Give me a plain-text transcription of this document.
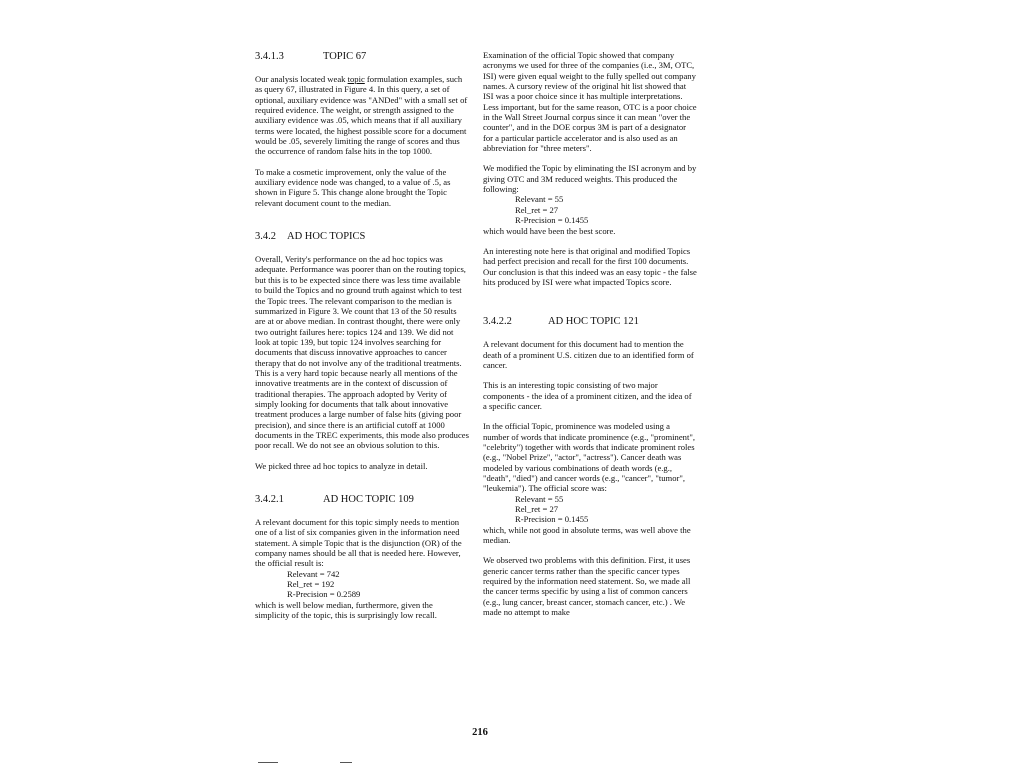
3.4.1.3	TOPIC 67

Our analysis located weak topic formulation examples, such as query 67, illustrated in Figure 4. In this query, a set of optional, auxiliary evidence was "ANDed" with a small set of required evidence. The weight, or strength assigned to the auxiliary evidence was .05, which means that if all auxiliary terms were located, the highest possible score for a document would be .05, severely limiting the range of scores and thus the occurrence of random false hits in the top 1000.

To make a cosmetic improvement, only the value of the auxiliary evidence node was changed, to a value of .5, as shown in Figure 5. This change alone brought the Topic relevant document count to the median.

3.4.2	AD HOC TOPICS

Overall, Verity's performance on the ad hoc topics was adequate. Performance was poorer than on the routing topics, but this is to be expected since there was less time available to build the Topics and no ground truth against which to test the Topic trees. The relevant comparison to the median is summarized in Figure 3. We count that 13 of the 50 results are at or above median. In contrast thought, there were only two outright failures here: topics 124 and 139. We did not look at topic 139, but topic 124 involves searching for documents that discuss innovative approaches to cancer therapy that do not involve any of the traditional treatments. This is a very hard topic because nearly all mentions of the innovative treatments are in the context of discussion of traditional therapies. The approach adopted by Verity of simply looking for documents that talk about innovative treatment produces a large number of false hits (giving poor precision), and since there is an artificial cutoff at 1000 documents in the TREC experiments, this mode also produces poor recall. We do not see an obvious solution to this.

We picked three ad hoc topics to analyze in detail.

3.4.2.1	AD HOC TOPIC 109

A relevant document for this topic simply needs to mention one of a list of six companies given in the information need statement. A simple Topic that is the disjunction (OR) of the company names should be all that is needed here. However, the official result is:

Relevant = 742
Rel_ret = 192
R-Precision = 0.2589

which is well below median, furthermore, given the simplicity of the topic, this is surprisingly low recall.

Examination of the official Topic showed that company acronyms we used for three of the companies (i.e., 3M, OTC, ISI) were given equal weight to the fully spelled out company names. A cursory review of the original hit list showed that ISI was a poor choice since it has multiple interpretations. Less important, but for the same reason, OTC is a poor choice in the Wall Street Journal corpus since it can mean "over the counter", and in the DOE corpus 3M is part of a designator for a particular particle accelerator and is also used as an abbreviation for "three meters".

We modified the Topic by eliminating the ISI acronym and by giving OTC and 3M reduced weights. This produced the following:

Relevant = 55
Rel_ret = 27
R-Precision = 0.1455

which would have been the best score.

An interesting note here is that original and modified Topics had perfect precision and recall for the first 100 documents. Our conclusion is that this indeed was an easy topic - the false hits produced by ISI were what impacted Topics score.

3.4.2.2	AD HOC TOPIC 121

A relevant document for this document had to mention the death of a prominent U.S. citizen due to an identified form of cancer.

This is an interesting topic consisting of two major components - the idea of a prominent citizen, and the idea of a specific cancer.

In the official Topic, prominence was modeled using a number of words that indicate prominence (e.g., "prominent", "celebrity") together with words that indicate prominent roles (e.g., "Nobel Prize", "actor", "actress"). Cancer death was modeled by various combinations of death words (e.g., "death", "died") and cancer words (e.g., "cancer", "tumor", "leukemia"). The official score was:

Relevant = 55
Rel_ret = 27
R-Precision = 0.1455

which, while not good in absolute terms, was well above the median.

We observed two problems with this definition. First, it uses generic cancer terms rather than the specific cancer types required by the information need statement. So, we made all the cancer terms specific by using a list of common cancers (e.g., lung cancer, breast cancer, stomach cancer, etc.) . We made no attempt to make

216
